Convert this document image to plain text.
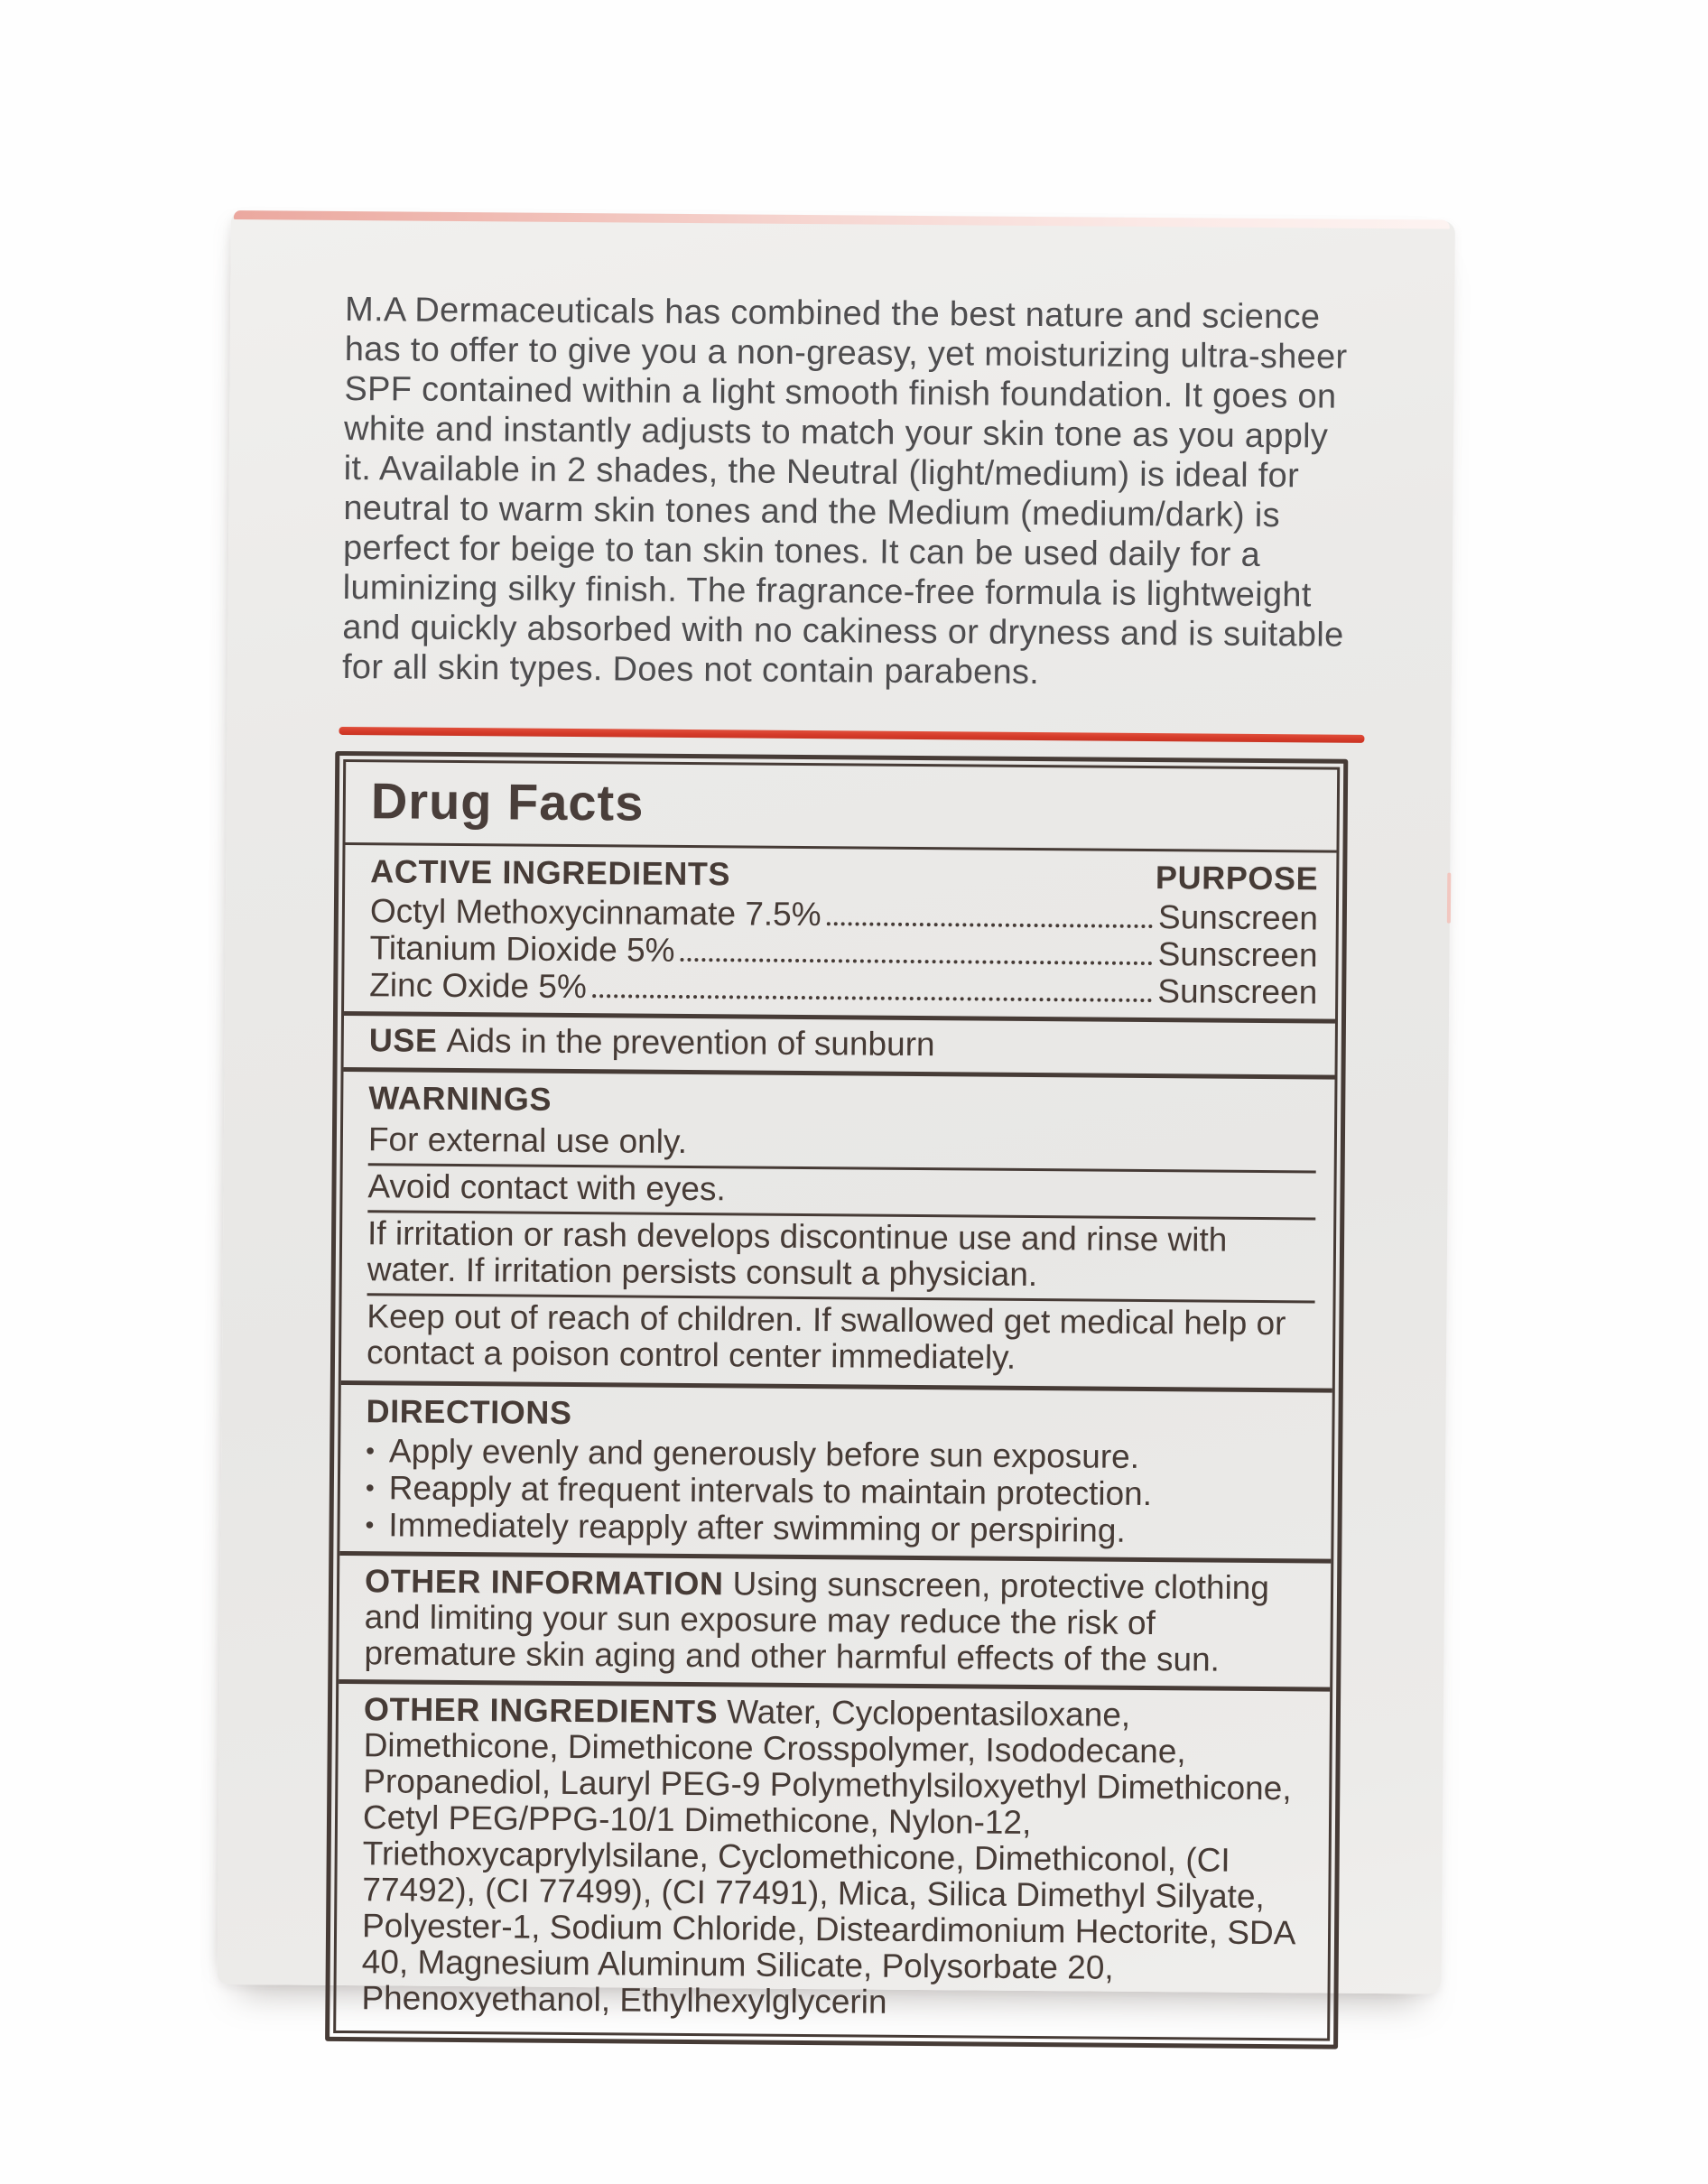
M.A Dermaceuticals has combined the best nature and science has to offer to give you a non-greasy, yet moisturizing ultra-sheer SPF contained within a light smooth finish foundation. It goes on white and instantly adjusts to match your skin tone as you apply it. Available in 2 shades, the Neutral (light/medium) is ideal for neutral to warm skin tones and the Medium (medium/dark) is perfect for beige to tan skin tones. It can be used daily for a luminizing silky finish. The fragrance-free formula is lightweight and quickly absorbed with no cakiness or dryness and is suitable for all skin types. Does not contain parabens.

Drug Facts
ACTIVE INGREDIENTS	PURPOSE
Octyl Methoxycinnamate 7.5%	Sunscreen
Titanium Dioxide 5%	Sunscreen
Zinc Oxide 5%	Sunscreen
USE Aids in the prevention of sunburn
WARNINGS
For external use only.
Avoid contact with eyes.
If irritation or rash develops discontinue use and rinse with water. If irritation persists consult a physician.
Keep out of reach of children. If swallowed get medical help or contact a poison control center immediately.
DIRECTIONS
• Apply evenly and generously before sun exposure.
• Reapply at frequent intervals to maintain protection.
• Immediately reapply after swimming or perspiring.

OTHER INFORMATION Using sunscreen, protective clothing and limiting your sun exposure may reduce the risk of premature skin aging and other harmful effects of the sun.

OTHER INGREDIENTS Water, Cyclopentasiloxane, Dimethicone, Dimethicone Crosspolymer, Isododecane, Propanediol, Lauryl PEG-9 Polymethylsiloxyethyl Dimethicone, Cetyl PEG/PPG-10/1 Dimethicone, Nylon-12, Triethoxycaprylylsilane, Cyclomethicone, Dimethiconol, (CI 77492), (CI 77499), (CI 77491), Mica, Silica Dimethyl Silyate, Polyester-1, Sodium Chloride, Disteardimonium Hectorite, SDA 40, Magnesium Aluminum Silicate, Polysorbate 20, Phenoxyethanol, Ethylhexylglycerin
